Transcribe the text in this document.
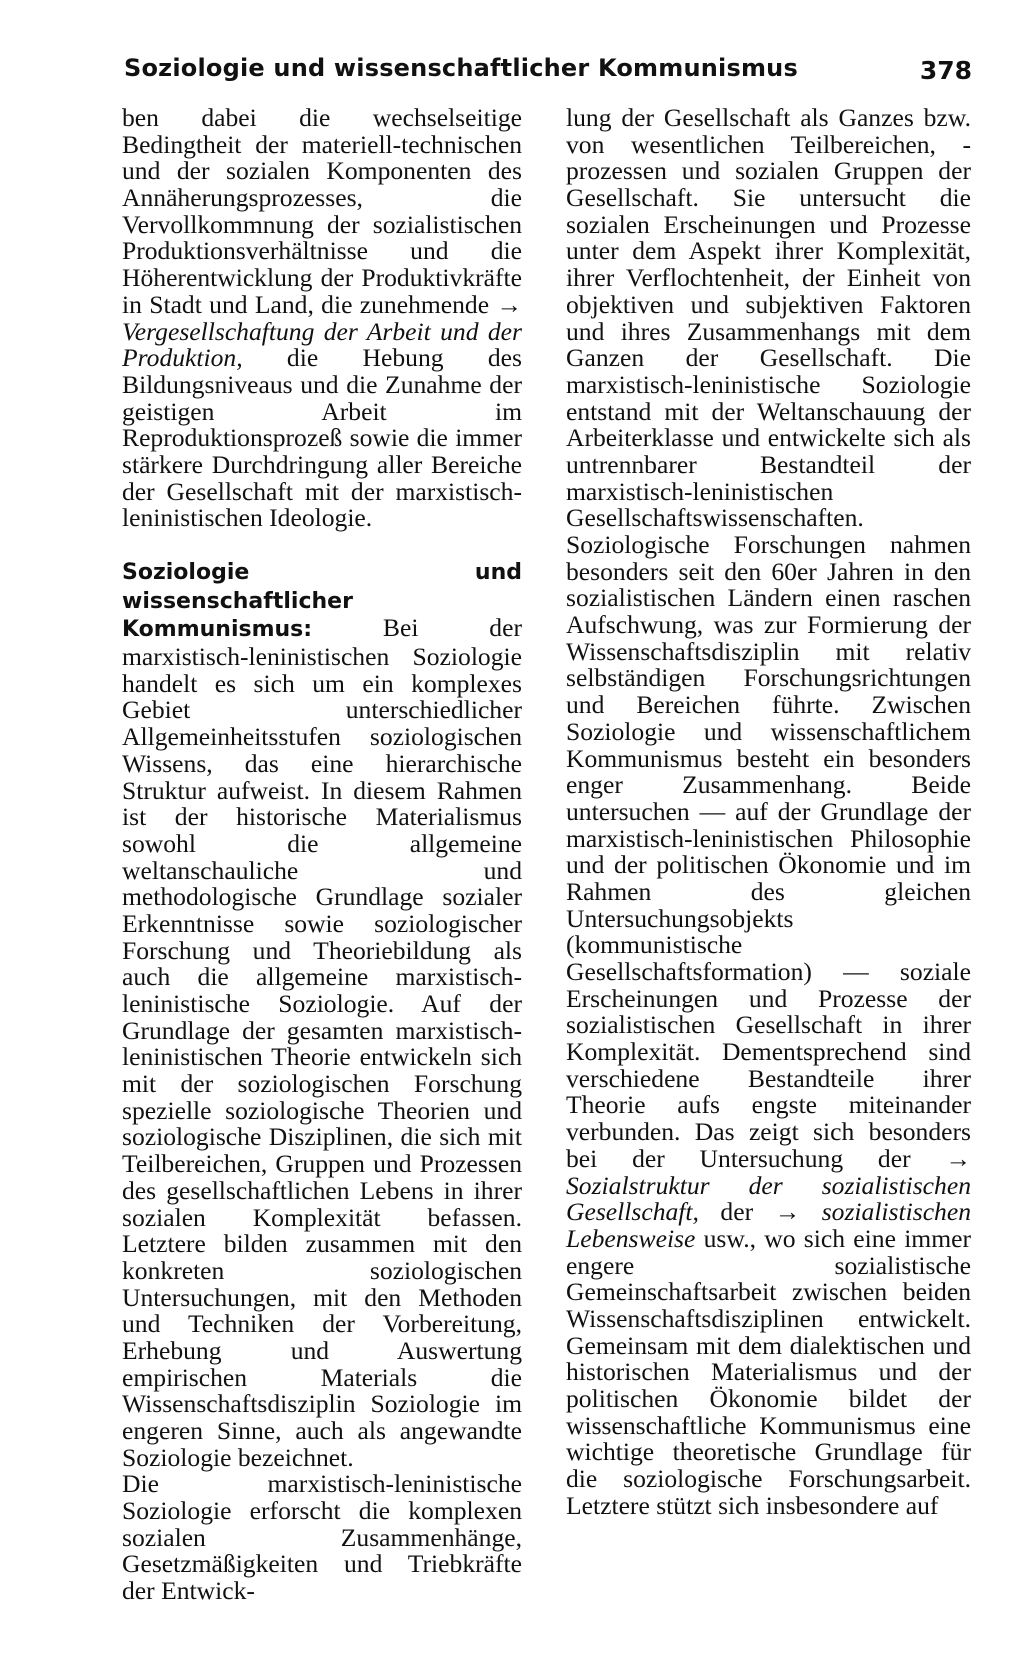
Soziologie und wissenschaftlicher Kommunismus	378

ben dabei die wechselseitige Bedingtheit der materiell-technischen und der sozialen Komponenten des Annäherungsprozesses, die Vervollkommnung der sozialistischen Produktionsverhältnisse und die Höherentwicklung der Produktivkräfte in Stadt und Land, die zunehmende → Vergesellschaftung der Arbeit und der Produktion, die Hebung des Bildungsniveaus und die Zunahme der geistigen Arbeit im Reproduktionsprozeß sowie die immer stärkere Durchdringung aller Bereiche der Gesellschaft mit der marxistisch-leninistischen Ideologie.

Soziologie und wissenschaftlicher Kommunismus: Bei der marxistisch-leninistischen Soziologie handelt es sich um ein komplexes Gebiet unterschiedlicher Allgemeinheitsstufen soziologischen Wissens, das eine hierarchische Struktur aufweist. In diesem Rahmen ist der historische Materialismus sowohl die allgemeine weltanschauliche und methodologische Grundlage sozialer Erkenntnisse sowie soziologischer Forschung und Theoriebildung als auch die allgemeine marxistisch-leninistische Soziologie. Auf der Grundlage der gesamten marxistisch-leninistischen Theorie entwickeln sich mit der soziologischen Forschung spezielle soziologische Theorien und soziologische Disziplinen, die sich mit Teilbereichen, Gruppen und Prozessen des gesellschaftlichen Lebens in ihrer sozialen Komplexität befassen. Letztere bilden zusammen mit den konkreten soziologischen Untersuchungen, mit den Methoden und Techniken der Vorbereitung, Erhebung und Auswertung empirischen Materials die Wissenschaftsdisziplin Soziologie im engeren Sinne, auch als angewandte Soziologie bezeichnet.

Die marxistisch-leninistische Soziologie erforscht die komplexen sozialen Zusammenhänge, Gesetzmäßigkeiten und Triebkräfte der Entwick-

lung der Gesellschaft als Ganzes bzw. von wesentlichen Teilbereichen, -prozessen und sozialen Gruppen der Gesellschaft. Sie untersucht die sozialen Erscheinungen und Prozesse unter dem Aspekt ihrer Komplexität, ihrer Verflochtenheit, der Einheit von objektiven und subjektiven Faktoren und ihres Zusammenhangs mit dem Ganzen der Gesellschaft. Die marxistisch-leninistische Soziologie entstand mit der Weltanschauung der Arbeiterklasse und entwickelte sich als untrennbarer Bestandteil der marxistisch-leninistischen Gesellschaftswissenschaften. Soziologische Forschungen nahmen besonders seit den 60er Jahren in den sozialistischen Ländern einen raschen Aufschwung, was zur Formierung der Wissenschaftsdisziplin mit relativ selbständigen Forschungsrichtungen und Bereichen führte. Zwischen Soziologie und wissenschaftlichem Kommunismus besteht ein besonders enger Zusammenhang. Beide untersuchen — auf der Grundlage der marxistisch-leninistischen Philosophie und der politischen Ökonomie und im Rahmen des gleichen Untersuchungsobjekts (kommunistische Gesellschaftsformation) — soziale Erscheinungen und Prozesse der sozialistischen Gesellschaft in ihrer Komplexität. Dementsprechend sind verschiedene Bestandteile ihrer Theorie aufs engste miteinander verbunden. Das zeigt sich besonders bei der Untersuchung der → Sozialstruktur der sozialistischen Gesellschaft, der → sozialistischen Lebensweise usw., wo sich eine immer engere sozialistische Gemeinschaftsarbeit zwischen beiden Wissenschaftsdisziplinen entwickelt. Gemeinsam mit dem dialektischen und historischen Materialismus und der politischen Ökonomie bildet der wissenschaftliche Kommunismus eine wichtige theoretische Grundlage für die soziologische Forschungsarbeit. Letztere stützt sich insbesondere auf
